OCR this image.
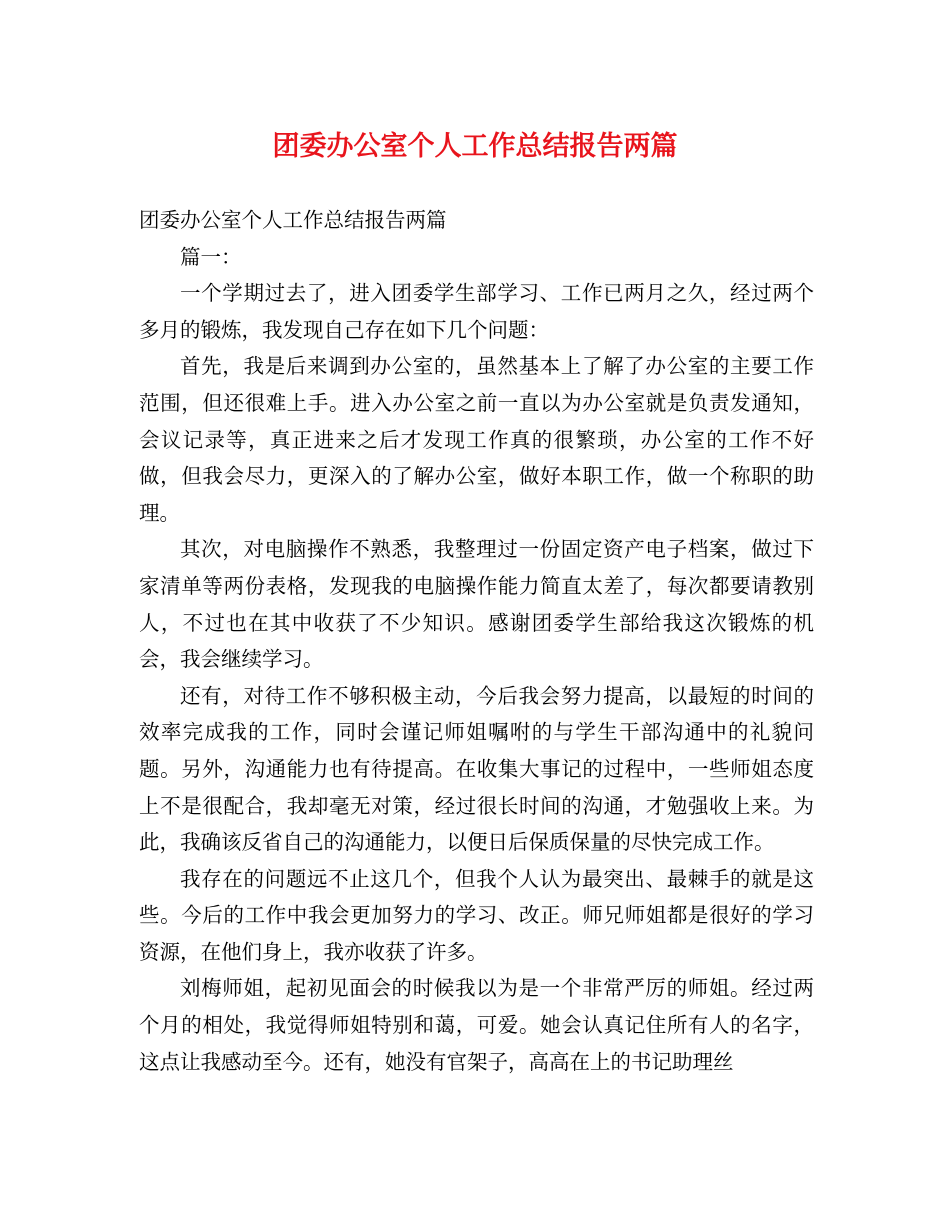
团委办公室个人工作总结报告两篇

团委办公室个人工作总结报告两篇

篇一：

一个学期过去了，进入团委学生部学习、工作已两月之久，经过两个多月的锻炼，我发现自己存在如下几个问题：

首先，我是后来调到办公室的，虽然基本上了解了办公室的主要工作范围，但还很难上手。进入办公室之前一直以为办公室就是负责发通知，会议记录等，真正进来之后才发现工作真的很繁琐，办公室的工作不好做，但我会尽力，更深入的了解办公室，做好本职工作，做一个称职的助理。

其次，对电脑操作不熟悉，我整理过一份固定资产电子档案，做过下家清单等两份表格，发现我的电脑操作能力简直太差了，每次都要请教别人，不过也在其中收获了不少知识。感谢团委学生部给我这次锻炼的机会，我会继续学习。

还有，对待工作不够积极主动，今后我会努力提高，以最短的时间的效率完成我的工作，同时会谨记师姐嘱咐的与学生干部沟通中的礼貌问题。另外，沟通能力也有待提高。在收集大事记的过程中，一些师姐态度上不是很配合，我却毫无对策，经过很长时间的沟通，才勉强收上来。为此，我确该反省自己的沟通能力，以便日后保质保量的尽快完成工作。

我存在的问题远不止这几个，但我个人认为最突出、最棘手的就是这些。今后的工作中我会更加努力的学习、改正。师兄师姐都是很好的学习资源，在他们身上，我亦收获了许多。

刘梅师姐，起初见面会的时候我以为是一个非常严厉的师姐。经过两个月的相处，我觉得师姐特别和蔼，可爱。她会认真记住所有人的名字，这点让我感动至今。还有，她没有官架子，高高在上的书记助理丝
